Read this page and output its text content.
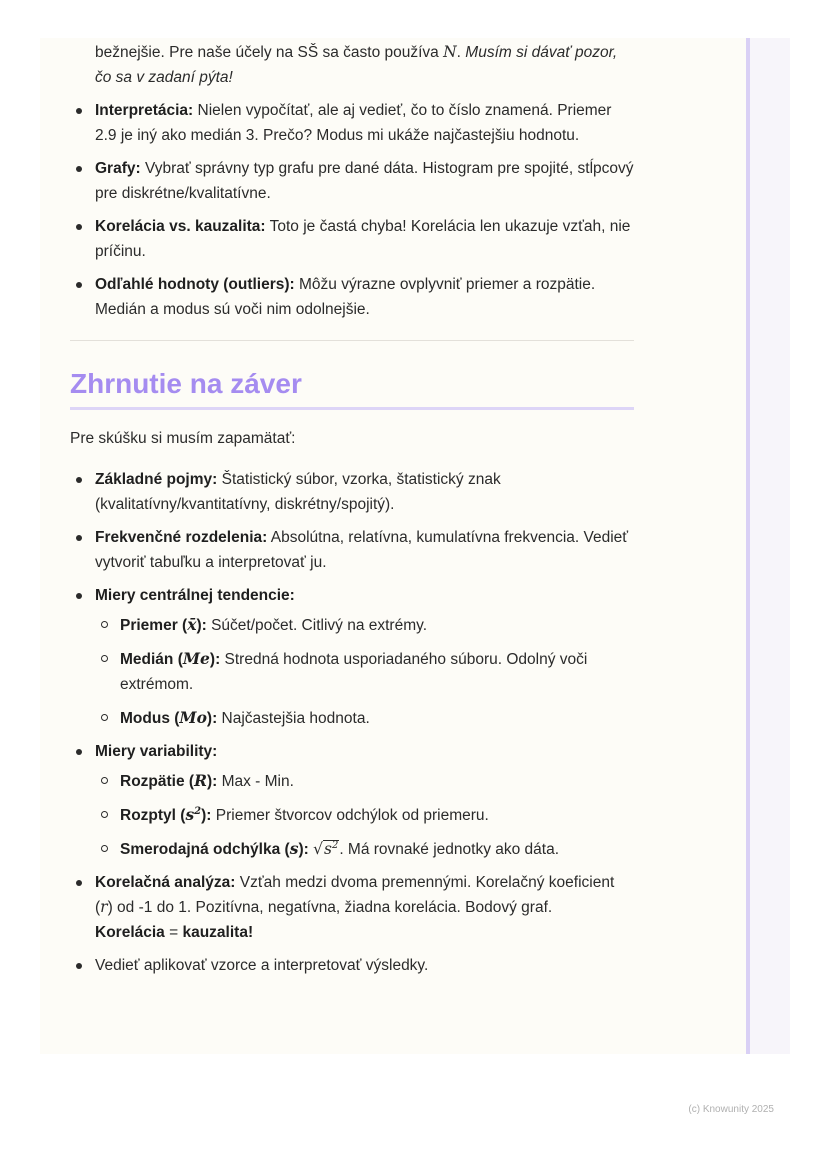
bežnejšie. Pre naše účely na SŠ sa často používa N. Musím si dávať pozor, čo sa v zadaní pýta!
Interpretácia: Nielen vypočítať, ale aj vedieť, čo to číslo znamená. Priemer 2.9 je iný ako medián 3. Prečo? Modus mi ukáže najčastejšiu hodnotu.
Grafy: Vybrať správny typ grafu pre dané dáta. Histogram pre spojité, stĺpcový pre diskrétne/kvalitatívne.
Korelácia vs. kauzalita: Toto je častá chyba! Korelácia len ukazuje vzťah, nie príčinu.
Odľahlé hodnoty (outliers): Môžu výrazne ovplyvniť priemer a rozpätie. Medián a modus sú voči nim odolnejšie.
Zhrnutie na záver
Pre skúšku si musím zapamätať:
Základné pojmy: Štatistický súbor, vzorka, štatistický znak (kvalitatívny/kvantitatívny, diskrétny/spojitý).
Frekvenčné rozdelenia: Absolútna, relatívna, kumulatívna frekvencia. Vedieť vytvoriť tabuľku a interpretovať ju.
Miery centrálnej tendencie:
Priemer (x̄): Súčet/počet. Citlivý na extrémy.
Medián (Me): Stredná hodnota usporiadaného súboru. Odolný voči extrémom.
Modus (Mo): Najčastejšia hodnota.
Miery variability:
Rozpätie (R): Max - Min.
Rozptyl $(s^2)$: Priemer štvorcov odchýlok od priemeru.
Smerodajná odchýlka (s): $√s^2$. Má rovnaké jednotky ako dáta.
Korelačná analýza: Vzťah medzi dvoma premennými. Korelačný koeficient (r) od -1 do 1. Pozitívna, negatívna, žiadna korelácia. Bodový graf.
Korelácia = kauzalita!
Vedieť aplikovať vzorce a interpretovať výsledky.
(c) Knowunity 2025
